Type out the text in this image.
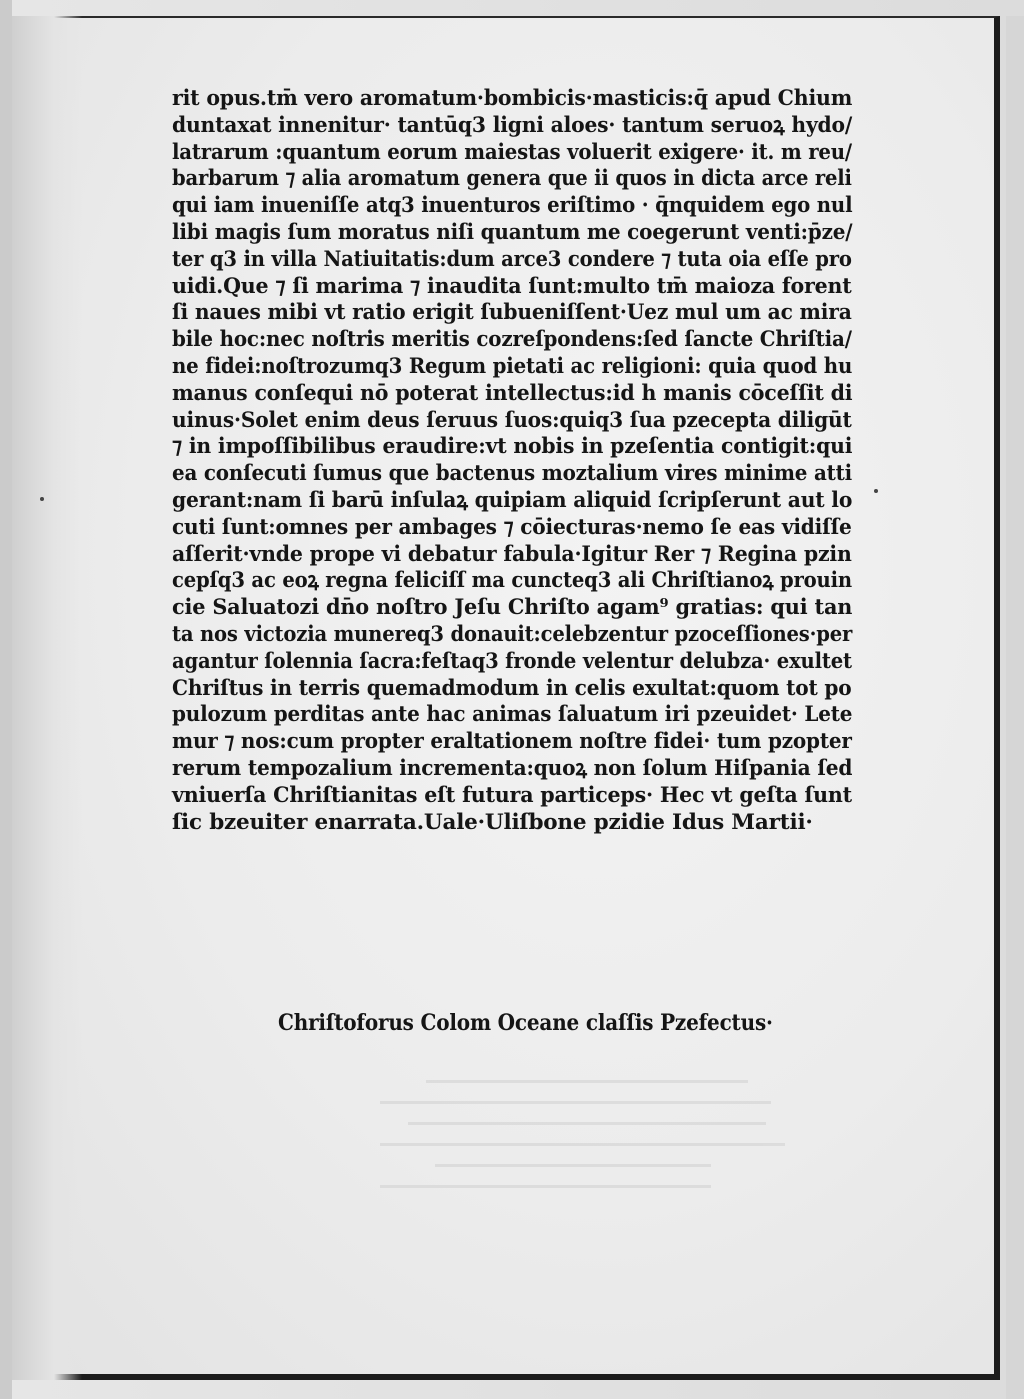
rit opus.tm̄ vero aromatum·bombicis·masticis:q̄ apud Chium
duntaxat innenitur· tantūq3 ligni aloes· tantum seruoꝝ hydo/
latrarum :quantum eorum maiestas voluerit exigere· it. m reu/
barbarum ⁊ alia aromatum genera que ii quos in dicta arce reli
qui iam inueniſſe atq3 inuenturos eriſtimo · q̄nquidem ego nul
libi magis ſum moratus niſi quantum me coegerunt venti:p̄ze/
ter q3 in villa Natiuitatis:dum arce3 condere ⁊ tuta oia eſſe pro
uidi.Que ⁊ ſi marima ⁊ inaudita ſunt:multo tm̄ maioza forent
ſi naues mibi vt ratio erigit ſubueniſſent·Uez mul um ac mira
bile hoc:nec noſtris meritis cozreſpondens:ſed ſancte Chriſtia/
ne fidei:noſtrozumq3 Regum pietati ac religioni: quia quod hu
manus conſequi nō poterat intellectus:id h manis cōceſſit di
uinus·Solet enim deus ſeruus ſuos:quiq3 ſua pzecepta diligūt
⁊ in impoſſibilibus eraudire:vt nobis in pzeſentia contigit:qui
ea conſecuti ſumus que bactenus moztalium vires minime atti
gerant:nam ſi barū inſulaꝝ quipiam aliquid ſcripſerunt aut lo
cuti ſunt:omnes per ambages ⁊ cōiecturas·nemo ſe eas vidiſſe
aſſerit·vnde prope vi debatur fabula·Igitur Rer ⁊ Regina pzin
cepſq3 ac eoꝝ regna feliciſſ ma cuncteq3 ali Chriſtianoꝝ prouin
cie Saluatozi dn̄o noſtro Jeſu Chriſto agam⁹ gratias: qui tan
ta nos victozia munereq3 donauit:celebzentur pzoceſſiones·per
agantur ſolennia ſacra:feſtaq3 fronde velentur delubza· exultet
Chriſtus in terris quemadmodum in celis exultat:quom tot po
pulozum perditas ante hac animas ſaluatum iri pzeuidet· Lete
mur ⁊ nos:cum propter eraltationem noſtre fidei· tum pzopter
rerum tempozalium incrementa:quoꝝ non ſolum Hiſpania ſed
vniuerſa Chriſtianitas eſt futura particeps· Hec vt geſta ſunt
ſic bzeuiter enarrata.Uale·Uliſbone pzidie Idus Martii·
Chriſtoforus Colom Oceane claſſis Pzefectus·
